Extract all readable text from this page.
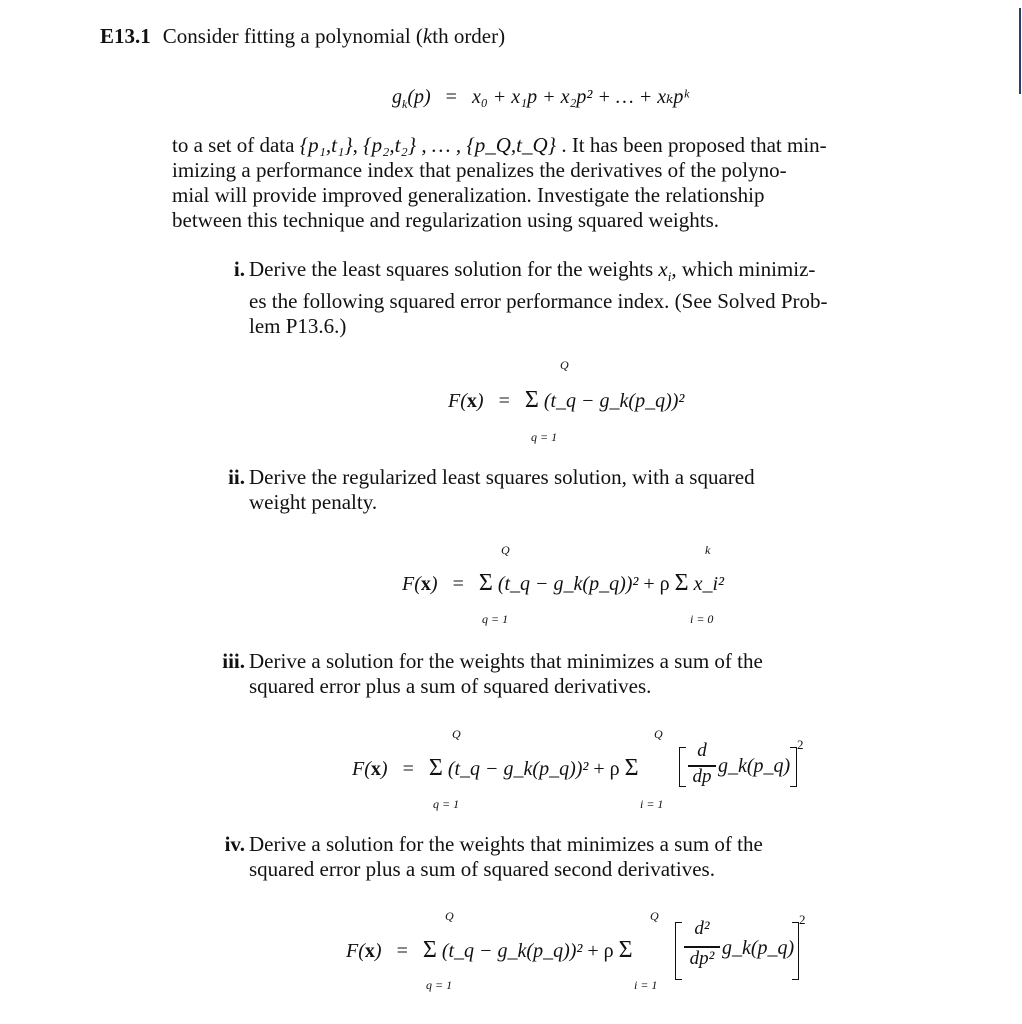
E13.1 Consider fitting a polynomial (kth order)
$g_k(p) = x_0 + x_1p + x_2p^2$ + … + xₖpᵏ
to a set of data {p₁,t₁}, {p₂,t₂} , … , {p_Q,t_Q} . It has been proposed that min-
imizing a performance index that penalizes the derivatives of the polyno-
mial will provide improved generalization. Investigate the relationship
between this technique and regularization using squared weights.
i. Derive the least squares solution for the weights $x_i$, which minimiz-
es the following squared error performance index. (See Solved Prob-
lem P13.6.)
Q
F(x) = Σ (t_q − g_k(p_q))²
q = 1
ii. Derive the regularized least squares solution, with a squared
weight penalty.
Q	k
F(x) = Σ (t_q − g_k(p_q))² + ρ Σ x_i²
q = 1	i = 0
iii. Derive a solution for the weights that minimizes a sum of the
squared error plus a sum of squared derivatives.
Q	Q
F(x) = Σ (t_q − g_k(p_q))² + ρ Σ
d
dp g_k(p_q)
2
q = 1	i = 1
iv. Derive a solution for the weights that minimizes a sum of the
squared error plus a sum of squared second derivatives.
Q	Q
F(x) = Σ (t_q − g_k(p_q))² + ρ Σ
d²
dp² g_k(p_q)
2
q = 1	i = 1
